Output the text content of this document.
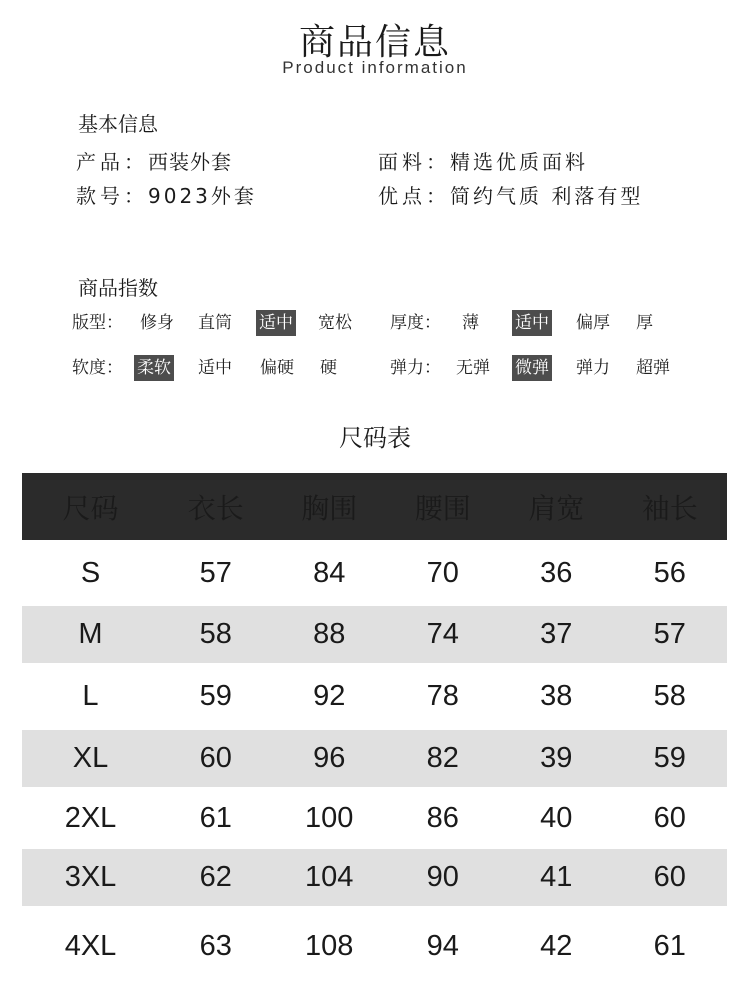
商品信息
Product information
基本信息
产品：西装外套
款号：9023外套
面料：精选优质面料
优点：简约气质 利落有型
商品指数
版型： 修身 直筒 适中 宽松 厚度： 薄 适中 偏厚 厚
软度： 柔软 适中 偏硬 硬	弹力： 无弹 微弹 弹力 超弹
尺码表
尺码	衣长	胸围	腰围	肩宽	袖长
S	57	84	70	36	56
M	58	88	74	37	57
L	59	92	78	38	58
XL	60	96	82	39	59
2XL	61	100	86	40	60
3XL	62	104	90	41	60
4XL	63	108	94	42	61
